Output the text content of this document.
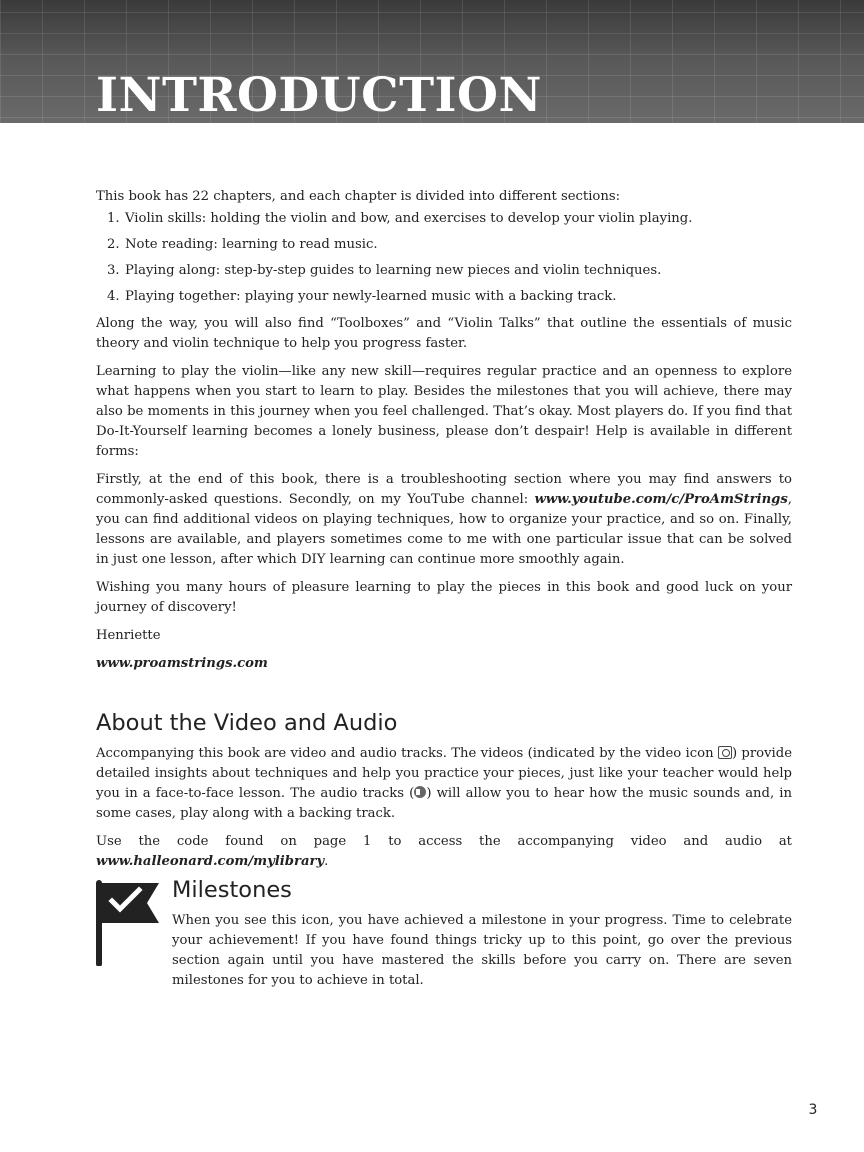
INTRODUCTION

This book has 22 chapters, and each chapter is divided into different sections:

1. Violin skills: holding the violin and bow, and exercises to develop your violin playing.
2. Note reading: learning to read music.
3. Playing along: step-by-step guides to learning new pieces and violin techniques.
4. Playing together: playing your newly-learned music with a backing track.

Along the way, you will also find “Toolboxes” and “Violin Talks” that outline the essentials of music theory and violin technique to help you progress faster.

Learning to play the violin—like any new skill—requires regular practice and an openness to explore what happens when you start to learn to play. Besides the milestones that you will achieve, there may also be moments in this journey when you feel challenged. That’s okay. Most players do. If you find that Do-It-Yourself learning becomes a lonely business, please don’t despair! Help is available in different forms:

Firstly, at the end of this book, there is a troubleshooting section where you may find answers to commonly-asked questions. Secondly, on my YouTube channel: www.youtube.com/c/ProAmStrings, you can find additional videos on playing techniques, how to organize your practice, and so on. Finally, lessons are available, and players sometimes come to me with one particular issue that can be solved in just one lesson, after which DIY learning can continue more smoothly again.

Wishing you many hours of pleasure learning to play the pieces in this book and good luck on your journey of discovery!

Henriette

www.proamstrings.com

About the Video and Audio

Accompanying this book are video and audio tracks. The videos (indicated by the video icon ) provide detailed insights about techniques and help you practice your pieces, just like your teacher would help you in a face-to-face lesson. The audio tracks ( ) will allow you to hear how the music sounds and, in some cases, play along with a backing track.

Use the code found on page 1 to access the accompanying video and audio at www.halleonard.com/mylibrary.

Milestones

When you see this icon, you have achieved a milestone in your progress. Time to celebrate your achievement! If you have found things tricky up to this point, go over the previous section again until you have mastered the skills before you carry on. There are seven milestones for you to achieve in total.

3
